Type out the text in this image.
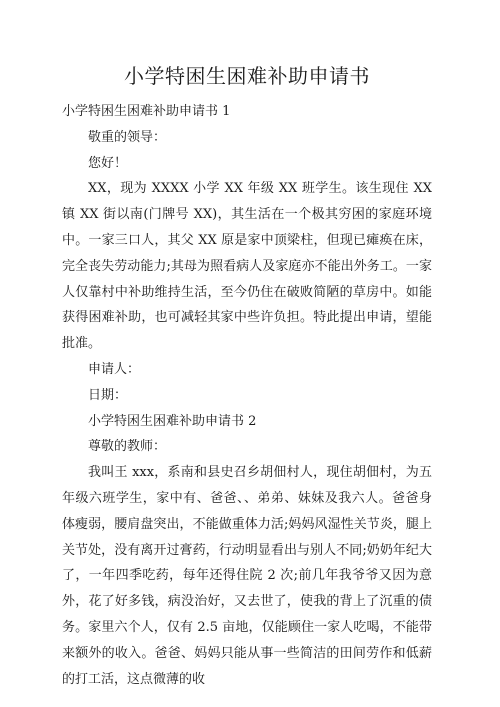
小学特困生困难补助申请书

小学特困生困难补助申请书 1

敬重的领导：

您好！

XX，现为 XXXX 小学 XX 年级 XX 班学生。该生现住 XX 镇 XX 街以南(门牌号 XX)，其生活在一个极其穷困的家庭环境中。一家三口人，其父 XX 原是家中顶梁柱，但现已瘫痪在床，完全丧失劳动能力;其母为照看病人及家庭亦不能出外务工。一家人仅靠村中补助维持生活，至今仍住在破败简陋的草房中。如能获得困难补助，也可减轻其家中些许负担。特此提出申请，望能批准。

申请人：

日期：

小学特困生困难补助申请书 2

尊敬的教师：

我叫王 xxx，系南和县史召乡胡佃村人，现住胡佃村，为五年级六班学生，家中有、爸爸、、弟弟、妹妹及我六人。爸爸身体瘦弱，腰肩盘突出，不能做重体力活;妈妈风湿性关节炎，腿上关节处，没有离开过膏药，行动明显看出与别人不同;奶奶年纪大了，一年四季吃药，每年还得住院 2 次;前几年我爷爷又因为意外，花了好多钱，病没治好，又去世了，使我的背上了沉重的债务。家里六个人，仅有 2.5 亩地，仅能顾住一家人吃喝，不能带来额外的收入。爸爸、妈妈只能从事一些简洁的田间劳作和低薪的打工活，这点微薄的收
